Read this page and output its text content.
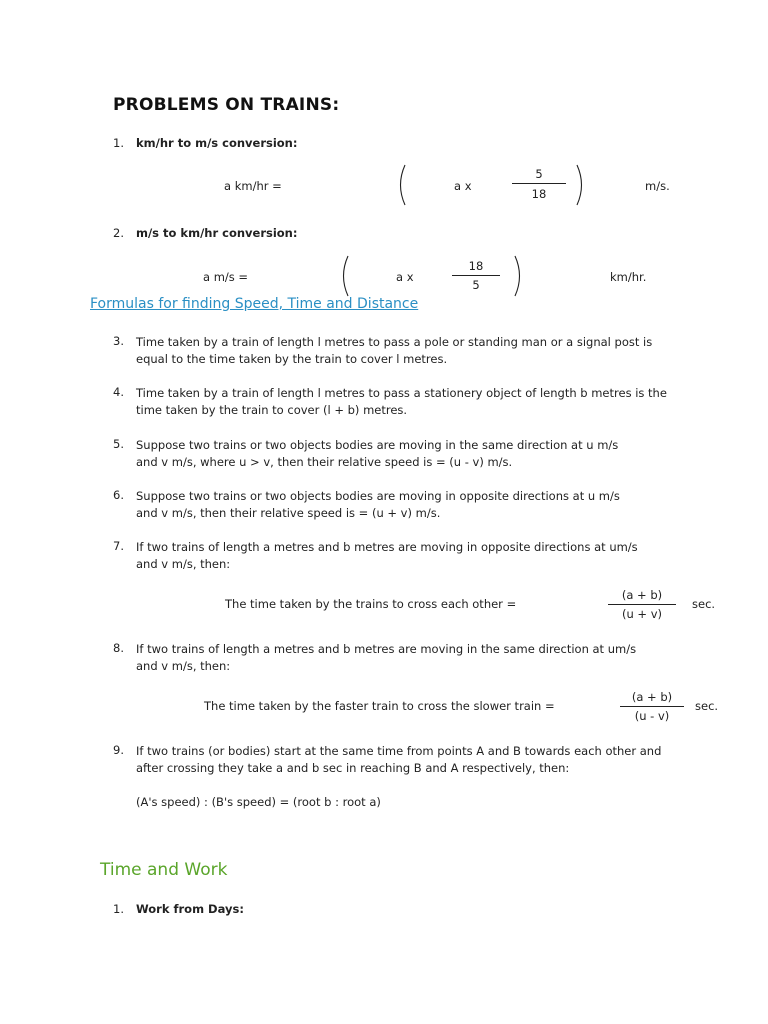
PROBLEMS ON TRAINS:
1. km/hr to m/s conversion:
a km/hr =	a x
5
18
m/s.
2. m/s to km/hr conversion:
a m/s =	a x
18
5
km/hr.
Formulas for finding Speed, Time and Distance
3. Time taken by a train of length l metres to pass a pole or standing man or a signal post is
equal to the time taken by the train to cover l metres.
4. Time taken by a train of length l metres to pass a stationery object of length b metres is the
time taken by the train to cover (l + b) metres.
5. Suppose two trains or two objects bodies are moving in the same direction at u m/s
and v m/s, where u > v, then their relative speed is = (u - v) m/s.
6. Suppose two trains or two objects bodies are moving in opposite directions at u m/s
and v m/s, then their relative speed is = (u + v) m/s.
7. If two trains of length a metres and b metres are moving in opposite directions at um/s
and v m/s, then:
The time taken by the trains to cross each other =
(a + b)
(u + v)
sec.
8. If two trains of length a metres and b metres are moving in the same direction at um/s
and v m/s, then:
The time taken by the faster train to cross the slower train =
(a + b)
(u - v)
sec.
9. If two trains (or bodies) start at the same time from points A and B towards each other and
after crossing they take a and b sec in reaching B and A respectively, then:
(A's speed) : (B's speed) = (root b : root a)
Time and Work
1. Work from Days:
